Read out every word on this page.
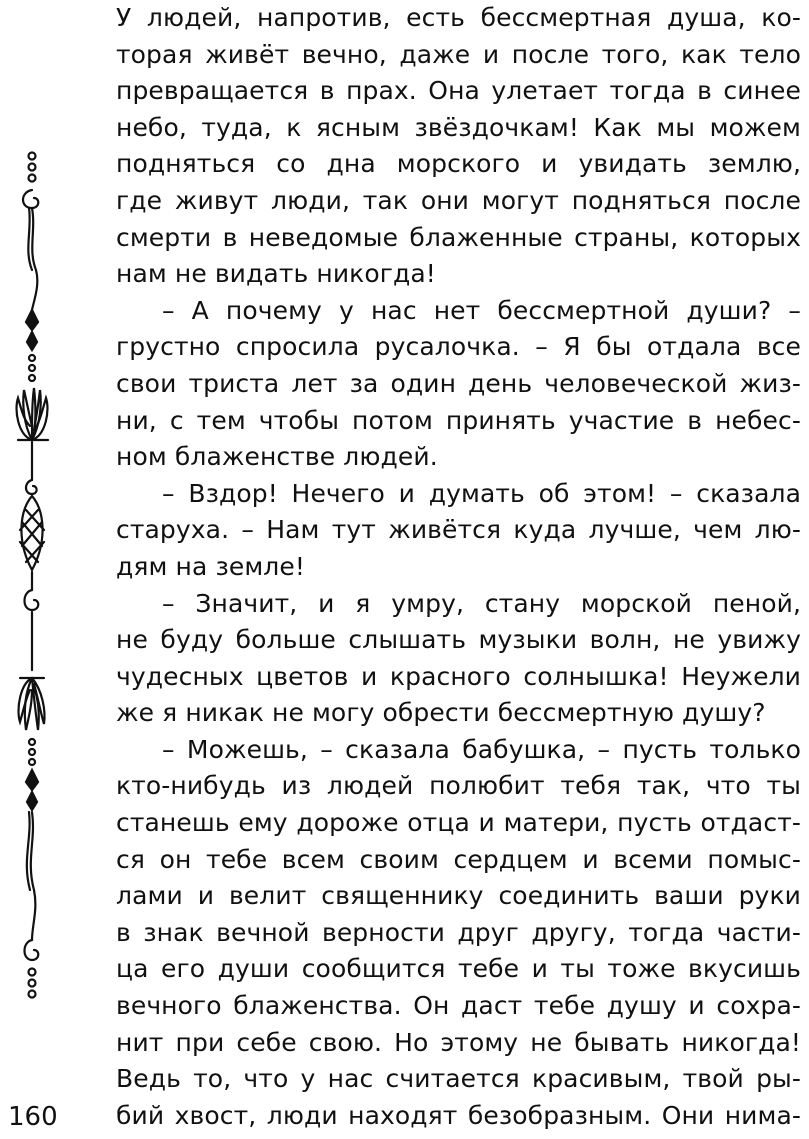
У людей, напротив, есть бессмертная душа, ко-
торая живёт вечно, даже и после того, как тело
превращается в прах. Она улетает тогда в синее
небо, туда, к ясным звёздочкам! Как мы можем
подняться со дна морского и увидать землю,
где живут люди, так они могут подняться после
смерти в неведомые блаженные страны, которых
нам не видать никогда!
– А почему у нас нет бессмертной души? –
грустно спросила русалочка. – Я бы отдала все
свои триста лет за один день человеческой жиз-
ни, с тем чтобы потом принять участие в небес-
ном блаженстве людей.
– Вздор! Нечего и думать об этом! – сказала
старуха. – Нам тут живётся куда лучше, чем лю-
дям на земле!
– Значит, и я умру, стану морской пеной,
не буду больше слышать музыки волн, не увижу
чудесных цветов и красного солнышка! Неужели
же я никак не могу обрести бессмертную душу?
– Можешь, – сказала бабушка, – пусть только
кто-нибудь из людей полюбит тебя так, что ты
станешь ему дороже отца и матери, пусть отдаст-
ся он тебе всем своим сердцем и всеми помыс-
лами и велит священнику соединить ваши руки
в знак вечной верности друг другу, тогда части-
ца его души сообщится тебе и ты тоже вкусишь
вечного блаженства. Он даст тебе душу и сохра-
нит при себе свою. Но этому не бывать никогда!
Ведь то, что у нас считается красивым, твой ры-
бий хвост, люди находят безобразным. Они нима-
160
